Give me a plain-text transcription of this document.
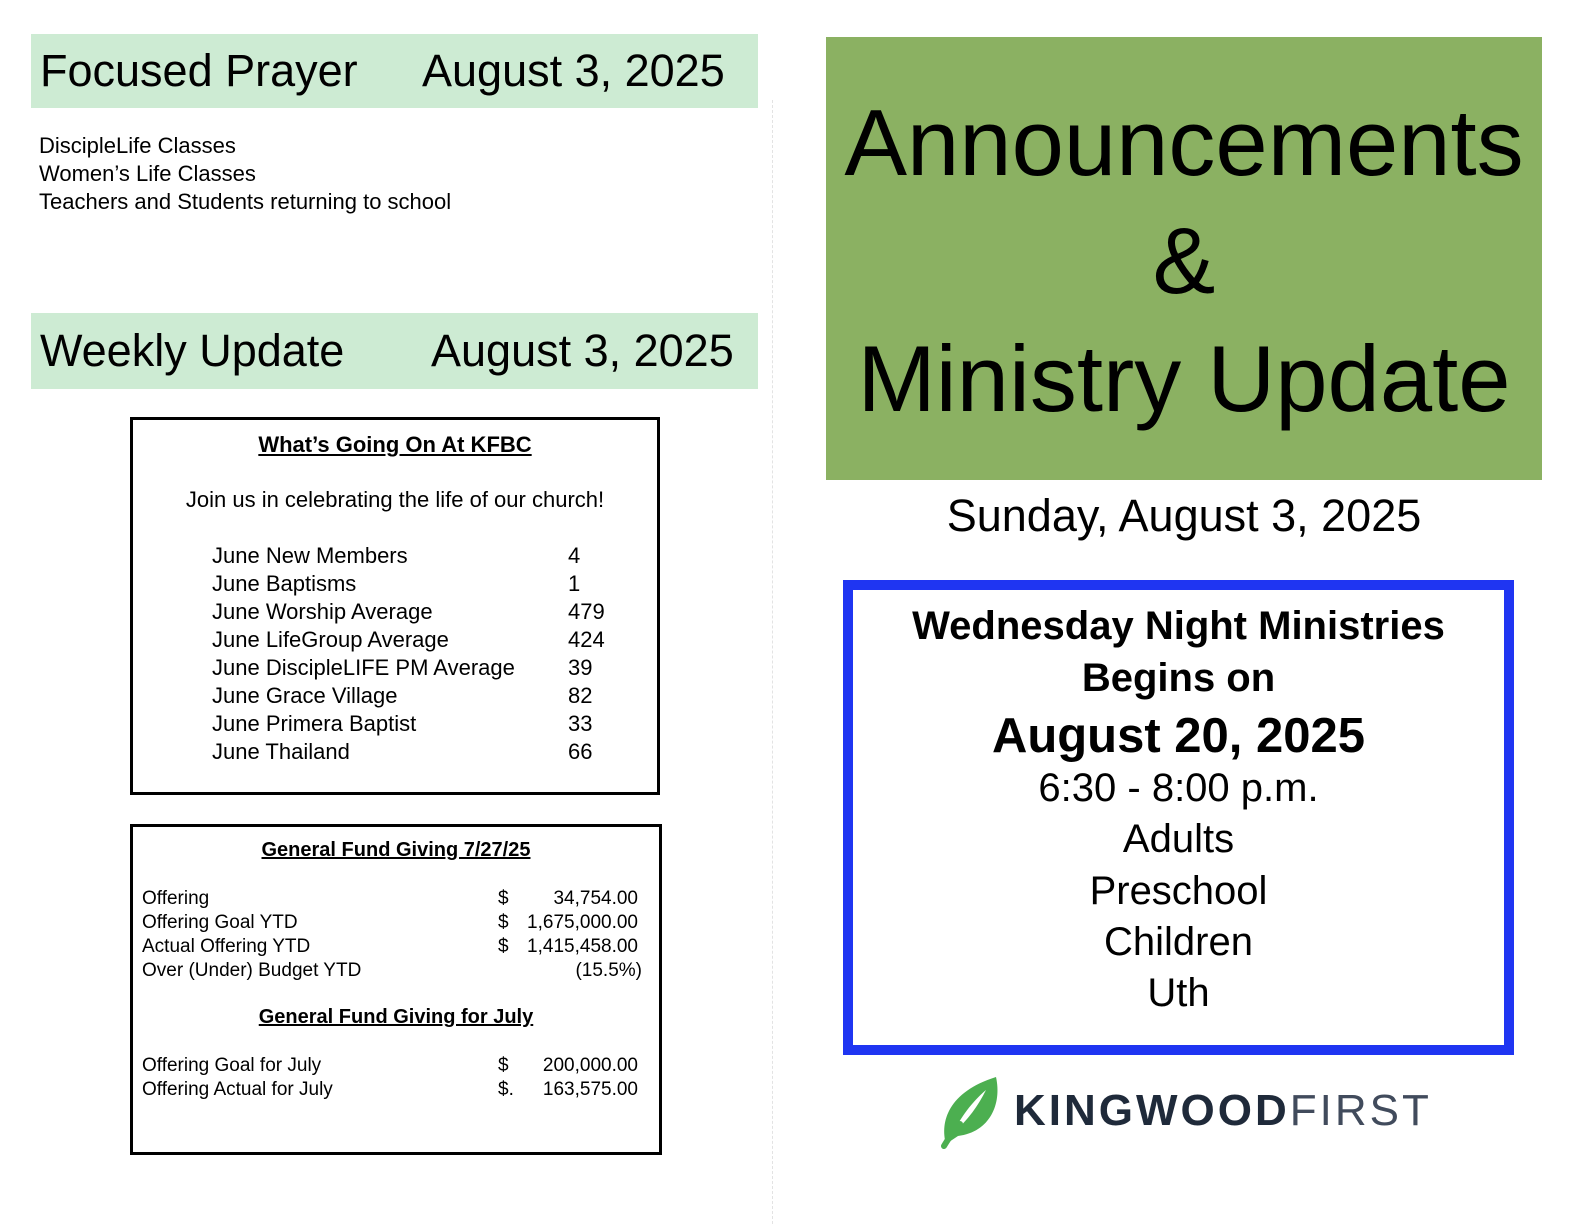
Focused Prayer August 3, 2025
DiscipleLife Classes
Women’s Life Classes
Teachers and Students returning to school
Weekly Update August 3, 2025
What’s Going On At KFBC
Join us in celebrating the life of our church!
June New Members	4
June Baptisms	1
June Worship Average	479
June LifeGroup Average	424
June DiscipleLIFE PM Average 39
June Grace Village	82
June Primera Baptist	33
June Thailand	66
General Fund Giving 7/27/25
Offering	$ 34,754.00
Offering Goal YTD	$ 1,675,000.00
Actual Offering YTD	$ 1,415,458.00
Over (Under) Budget YTD	(15.5%)
General Fund Giving for July
Offering Goal for July	$ 200,000.00
Offering Actual for July	$. 163,575.00
Announcements
&
Ministry Update
Sunday, August 3, 2025
Wednesday Night Ministries
Begins on
August 20, 2025
6:30 - 8:00 p.m.
Adults
Preschool
Children
Uth
KINGWOODFIRST
